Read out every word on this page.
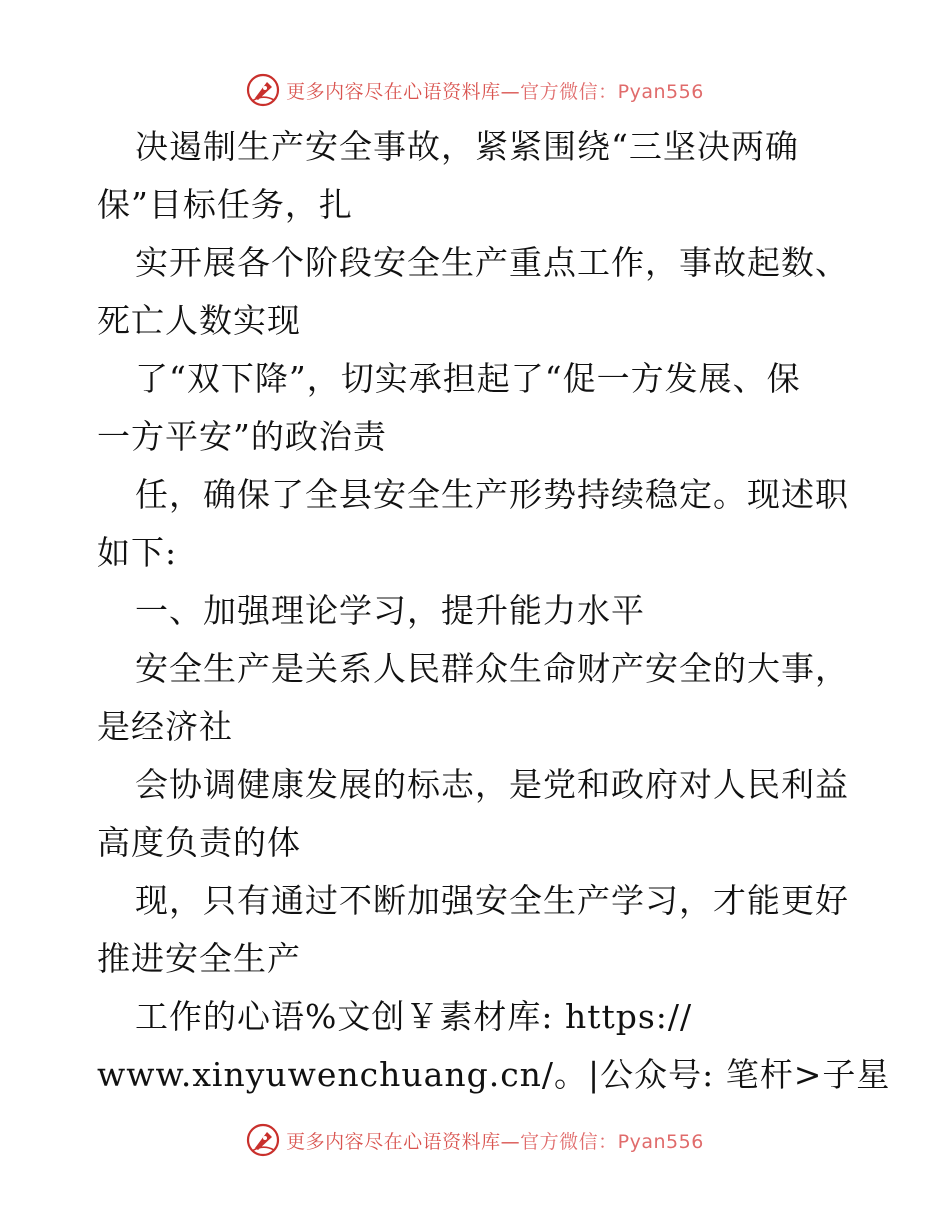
更多内容尽在心语资料库—官方微信：Pyan556
决遏制生产安全事故，紧紧围绕“三坚决两确
保”目标任务，扎
实开展各个阶段安全生产重点工作，事故起数、
死亡人数实现
了“双下降”，切实承担起了“促一方发展、保
一方平安”的政治责
任，确保了全县安全生产形势持续稳定。现述职
如下:
一、加强理论学习，提升能力水平
安全生产是关系人民群众生命财产安全的大事，
是经济社
会协调健康发展的标志，是党和政府对人民利益
高度负责的体
现，只有通过不断加强安全生产学习，才能更好
推进安全生产
工作的心语%文创￥素材库: https://
www.xinyuwenchuang.cn/。|公众号: 笔杆>子星
更多内容尽在心语资料库—官方微信：Pyan556
